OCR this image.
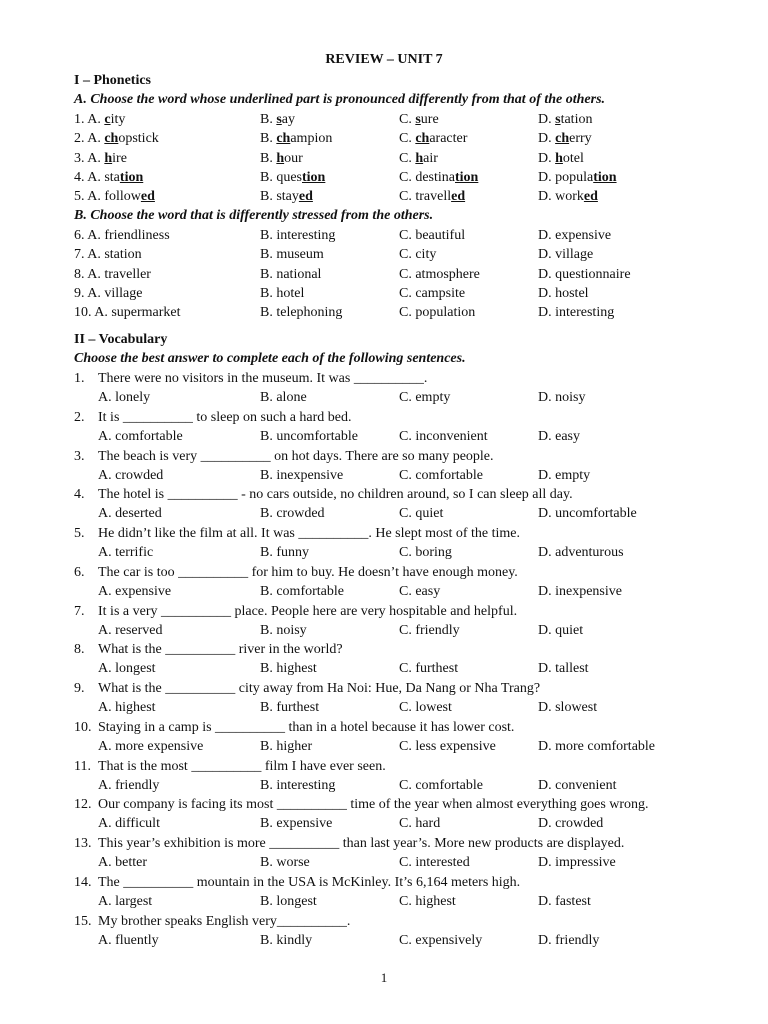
REVIEW – UNIT 7
I – Phonetics
A. Choose the word whose underlined part is pronounced differently from that of the others.
1. A. city	B. say	C. sure	D. station
2. A. chopstick	B. champion	C. character	D. cherry
3. A. hire	B. hour	C. hair	D. hotel
4. A. station	B. question	C. destination	D. population
5. A. followed	B. stayed	C. travelled	D. worked
B. Choose the word that is differently stressed from the others.
6. A. friendliness	B. interesting	C. beautiful	D. expensive
7. A. station	B. museum	C. city	D. village
8. A. traveller	B. national	C. atmosphere	D. questionnaire
9. A. village	B. hotel	C. campsite	D. hostel
10. A. supermarket	B. telephoning	C. population	D. interesting
II – Vocabulary
Choose the best answer to complete each of the following sentences.
1. There were no visitors in the museum. It was __________.
A. lonely	B. alone	C. empty	D. noisy
2. It is __________ to sleep on such a hard bed.
A. comfortable	B. uncomfortable	C. inconvenient	D. easy
3. The beach is very __________ on hot days. There are so many people.
A. crowded	B. inexpensive	C. comfortable	D. empty
4. The hotel is __________ - no cars outside, no children around, so I can sleep all day.
A. deserted	B. crowded	C. quiet	D. uncomfortable
5. He didn’t like the film at all. It was __________. He slept most of the time.
A. terrific	B. funny	C. boring	D. adventurous
6. The car is too __________ for him to buy. He doesn’t have enough money.
A. expensive	B. comfortable	C. easy	D. inexpensive
7. It is a very __________ place. People here are very hospitable and helpful.
A. reserved	B. noisy	C. friendly	D. quiet
8. What is the __________ river in the world?
A. longest	B. highest	C. furthest	D. tallest
9. What is the __________ city away from Ha Noi: Hue, Da Nang or Nha Trang?
A. highest	B. furthest	C. lowest	D. slowest
10. Staying in a camp is __________ than in a hotel because it has lower cost.
A. more expensive	B. higher	C. less expensive	D. more comfortable
11. That is the most __________ film I have ever seen.
A. friendly	B. interesting	C. comfortable	D. convenient
12. Our company is facing its most __________ time of the year when almost everything goes wrong.
A. difficult	B. expensive	C. hard	D. crowded
13. This year’s exhibition is more __________ than last year’s. More new products are displayed.
A. better	B. worse	C. interested	D. impressive
14. The __________ mountain in the USA is McKinley. It’s 6,164 meters high.
A. largest	B. longest	C. highest	D. fastest
15. My brother speaks English very__________.
A. fluently	B. kindly	C. expensively	D. friendly
1
